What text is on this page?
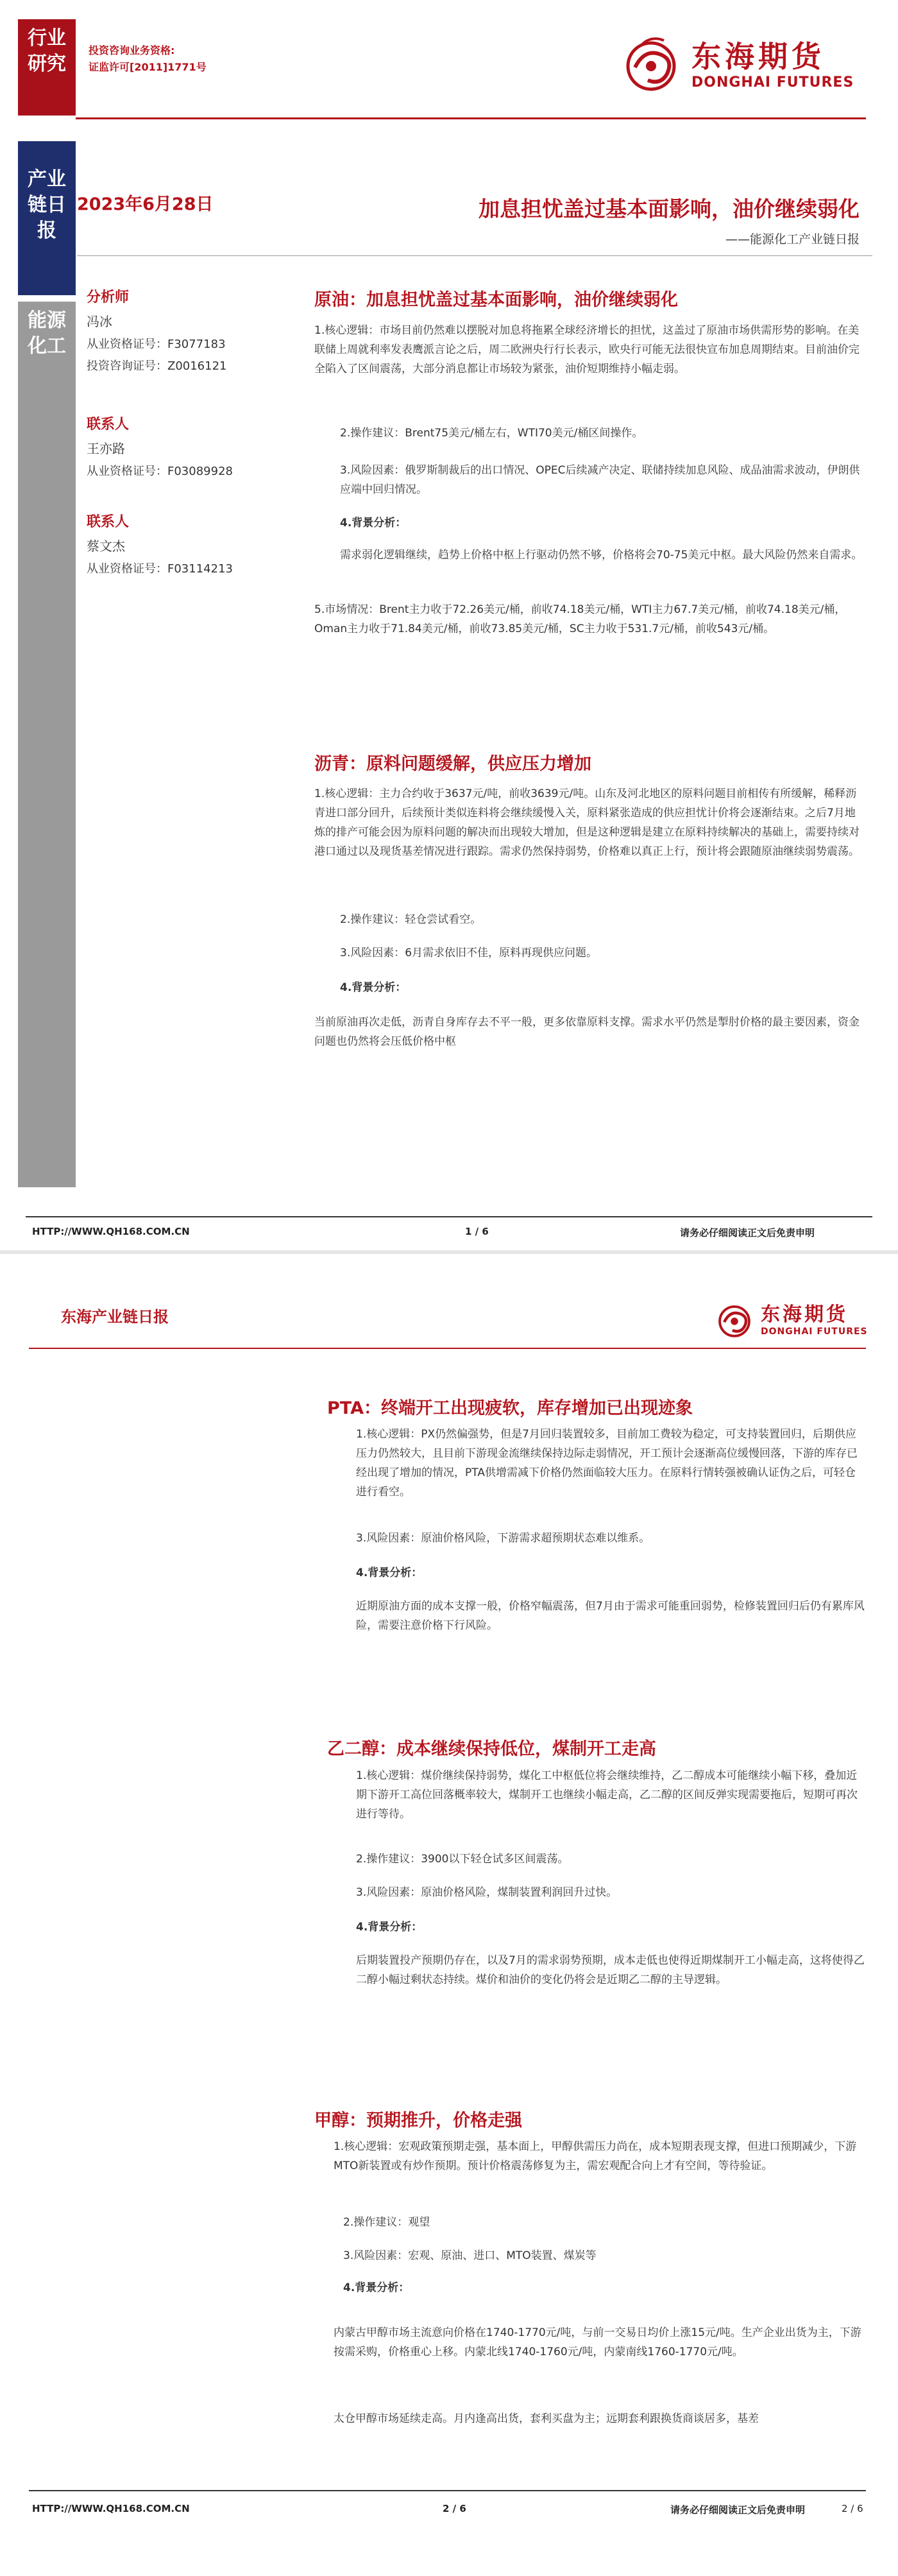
行业
研究
产业
链日
报
能源
化工
投资咨询业务资格:
证监许可[2011]1771号	东海期货
DONGHAI FUTURES
2023年6月28日	加息担忧盖过基本面影响，油价继续弱化
——能源化工产业链日报
分析师
冯冰
从业资格证号：F3077183
投资咨询证号：Z0016121
联系人
王亦路
从业资格证号：F03089928
联系人
蔡文杰
从业资格证号：F03114213
原油：加息担忧盖过基本面影响，油价继续弱化
1.核心逻辑：市场目前仍然难以摆脱对加息将拖累全球经济增长的担忧，这盖过了原油市场供需形势的影响。在美联储上周就利率发表鹰派言论之后，周二欧洲央行行长表示，欧央行可能无法很快宣布加息周期结束。目前油价完全陷入了区间震荡，大部分消息都让市场较为紧张，油价短期维持小幅走弱。
2.操作建议：Brent75美元/桶左右，WTI70美元/桶区间操作。
3.风险因素：俄罗斯制裁后的出口情况、OPEC后续减产决定、联储持续加息风险、成品油需求波动，伊朗供应端中回归情况。
4.背景分析：
需求弱化逻辑继续，趋势上价格中枢上行驱动仍然不够，价格将会70-75美元中枢。最大风险仍然来自需求。
5.市场情况：Brent主力收于72.26美元/桶，前收74.18美元/桶，WTI主力67.7美元/桶，前收74.18美元/桶，Oman主力收于71.84美元/桶，前收73.85美元/桶，SC主力收于531.7元/桶，前收543元/桶。
沥青：原料问题缓解，供应压力增加
1.核心逻辑：主力合约收于3637元/吨，前收3639元/吨。山东及河北地区的原料问题目前相传有所缓解，稀释沥青进口部分回升，后续预计类似连料将会继续缓慢入关，原料紧张造成的供应担忧计价将会逐渐结束。之后7月地炼的排产可能会因为原料问题的解决而出现较大增加，但是这种逻辑是建立在原料持续解决的基础上，需要持续对港口通过以及现货基差情况进行跟踪。需求仍然保持弱势，价格难以真正上行，预计将会跟随原油继续弱势震荡。
2.操作建议：轻仓尝试看空。
3.风险因素：6月需求依旧不佳，原料再现供应问题。
4.背景分析：
当前原油再次走低，沥青自身库存去不平一般，更多依靠原料支撑。需求水平仍然是掣肘价格的最主要因素，资金问题也仍然将会压低价格中枢
HTTP://WWW.QH168.COM.CN	1 / 6	请务必仔细阅读正文后免责申明
东海产业链日报	东海期货
DONGHAI FUTURES
PTA：终端开工出现疲软，库存增加已出现迹象
1.核心逻辑：PX仍然偏强势，但是7月回归装置较多，目前加工费较为稳定，可支持装置回归，后期供应压力仍然较大，且目前下游现金流继续保持边际走弱情况，开工预计会逐渐高位缓慢回落，下游的库存已经出现了增加的情况，PTA供增需减下价格仍然面临较大压力。在原料行情转强被确认证伪之后，可轻仓进行看空。
3.风险因素：原油价格风险，下游需求超预期状态难以维系。
4.背景分析：
近期原油方面的成本支撑一般，价格窄幅震荡，但7月由于需求可能重回弱势，检修装置回归后仍有累库风险，需要注意价格下行风险。
乙二醇：成本继续保持低位，煤制开工走高
1.核心逻辑：煤价继续保持弱势，煤化工中枢低位将会继续维持，乙二醇成本可能继续小幅下移，叠加近期下游开工高位回落概率较大，煤制开工也继续小幅走高，乙二醇的区间反弹实现需要拖后，短期可再次进行等待。
2.操作建议：3900以下轻仓试多区间震荡。
3.风险因素：原油价格风险，煤制装置利润回升过快。
4.背景分析：
后期装置投产预期仍存在，以及7月的需求弱势预期，成本走低也使得近期煤制开工小幅走高，这将使得乙二醇小幅过剩状态持续。煤价和油价的变化仍将会是近期乙二醇的主导逻辑。
甲醇：预期推升，价格走强
1.核心逻辑：宏观政策预期走强，基本面上，甲醇供需压力尚在，成本短期表现支撑，但进口预期减少，下游MTO新装置或有炒作预期。预计价格震荡修复为主，需宏观配合向上才有空间，等待验证。
2.操作建议：观望
3.风险因素：宏观、原油、进口、MTO装置、煤炭等
4.背景分析：
内蒙古甲醇市场主流意向价格在1740-1770元/吨，与前一交易日均价上涨15元/吨。生产企业出货为主，下游按需采购，价格重心上移。内蒙北线1740-1760元/吨，内蒙南线1760-1770元/吨。
太仓甲醇市场延续走高。月内逢高出货，套利买盘为主；远期套利跟换货商谈居多，基差
HTTP://WWW.QH168.COM.CN	2 / 6	请务必仔细阅读正文后免责申明	2 / 6
